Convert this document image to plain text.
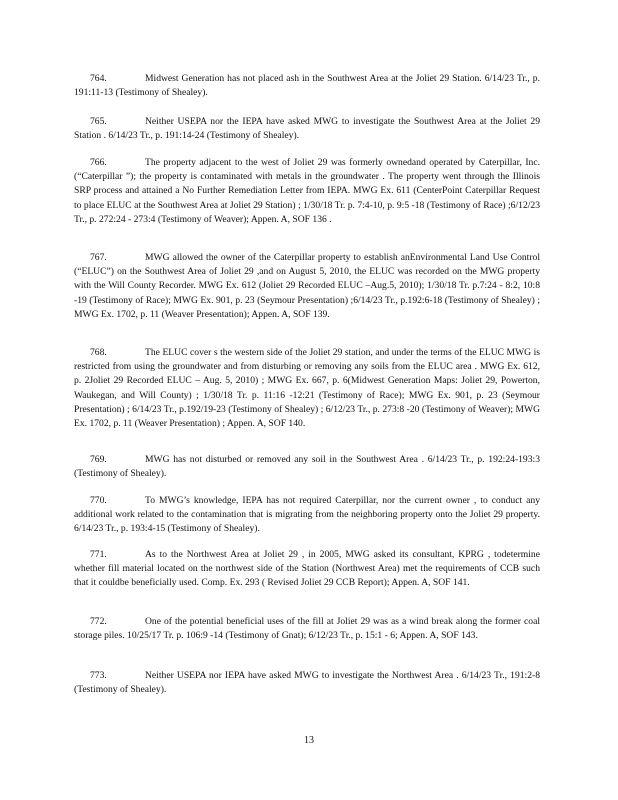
764.	Midwest Generation has not placed ash in the Southwest Area at the Joliet 29 Station. 6/14/23 Tr., p. 191:11-13 (Testimony of Shealey).
765.	Neither USEPA nor the IEPA have asked MWG to investigate the Southwest Area at the Joliet 29 Station . 6/14/23 Tr., p. 191:14-24 (Testimony of Shealey).
766.	The property adjacent to the west of Joliet 29 was formerly ownedand operated by Caterpillar, Inc. (“Caterpillar ”); the property is contaminated with metals in the groundwater . The property went through the Illinois SRP process and attained a No Further Remediation Letter from IEPA. MWG Ex. 611 (CenterPoint Caterpillar Request to place ELUC at the Southwest Area at Joliet 29 Station) ; 1/30/18 Tr. p. 7:4-10, p. 9:5 -18 (Testimony of Race) ;6/12/23 Tr., p. 272:24 - 273:4 (Testimony of Weaver); Appen. A, SOF 136 .
767.	MWG allowed the owner of the Caterpillar property to establish anEnvironmental Land Use Control (“ELUC”) on the Southwest Area of Joliet 29 ,and on August 5, 2010, the ELUC was recorded on the MWG property with the Will County Recorder. MWG Ex. 612 (Joliet 29 Recorded ELUC –Aug.5, 2010); 1/30/18 Tr. p.7:24 - 8:2, 10:8 -19 (Testimony of Race); MWG Ex. 901, p. 23 (Seymour Presentation) ;6/14/23 Tr., p.192:6-18 (Testimony of Shealey) ; MWG Ex. 1702, p. 11 (Weaver Presentation); Appen. A, SOF 139.
768.	The ELUC cover s the western side of the Joliet 29 station, and under the terms of the ELUC MWG is restricted from using the groundwater and from disturbing or removing any soils from the ELUC area . MWG Ex. 612, p. 2Joliet 29 Recorded ELUC – Aug. 5, 2010) ; MWG Ex. 667, p. 6(Midwest Generation Maps: Joliet 29, Powerton, Waukegan, and Will County) ; 1/30/18 Tr. p. 11:16 -12:21 (Testimony of Race); MWG Ex. 901, p. 23 (Seymour Presentation) ; 6/14/23 Tr., p.192/19-23 (Testimony of Shealey) ; 6/12/23 Tr., p. 273:8 -20 (Testimony of Weaver); MWG Ex. 1702, p. 11 (Weaver Presentation) ; Appen. A, SOF 140.
769.	MWG has not disturbed or removed any soil in the Southwest Area . 6/14/23 Tr., p. 192:24-193:3 (Testimony of Shealey).
770.	To MWG’s knowledge, IEPA has not required Caterpillar, nor the current owner , to conduct any additional work related to the contamination that is migrating from the neighboring property onto the Joliet 29 property. 6/14/23 Tr., p. 193:4-15 (Testimony of Shealey).
771.	As to the Northwest Area at Joliet 29 , in 2005, MWG asked its consultant, KPRG , todetermine whether fill material located on the northwest side of the Station (Northwest Area) met the requirements of CCB such that it couldbe beneficially used. Comp. Ex. 293 ( Revised Joliet 29 CCB Report); Appen. A, SOF 141.
772.	One of the potential beneficial uses of the fill at Joliet 29 was as a wind break along the former coal storage piles. 10/25/17 Tr. p. 106:9 -14 (Testimony of Gnat); 6/12/23 Tr., p. 15:1 - 6; Appen. A, SOF 143.
773.	Neither USEPA nor IEPA have asked MWG to investigate the Northwest Area . 6/14/23 Tr., 191:2-8 (Testimony of Shealey).
13
